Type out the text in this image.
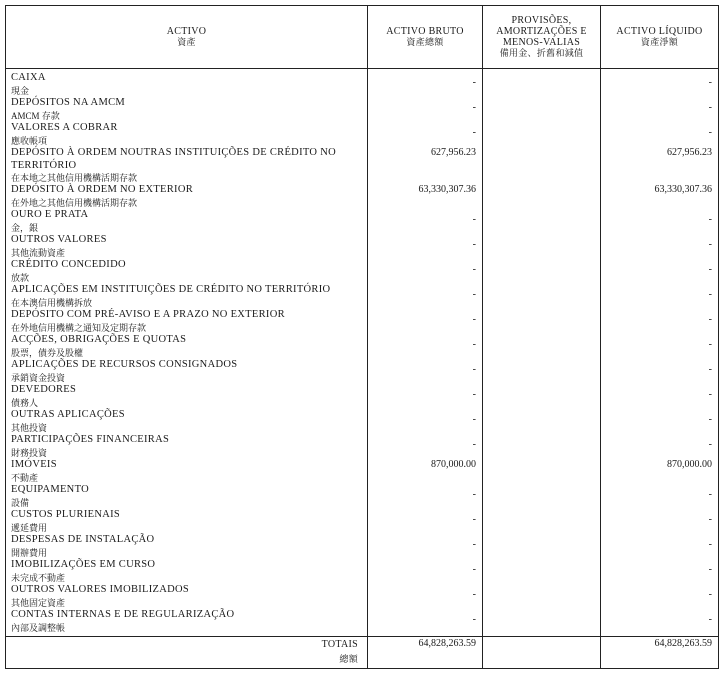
ACTIVO
資產
ACTIVO BRUTO
資產總額
PROVISÕES,
AMORTIZAÇÕES E
MENOS-VALIAS
備用金、折舊和減值
ACTIVO LÍQUIDO
資產淨額
CAIXA
現金
-	-
DEPÓSITOS NA AMCM
AMCM 存款
-	-
VALORES A COBRAR
應收帳項
-	-
DEPÓSITO À ORDEM NOUTRAS INSTITUIÇÕES DE CRÉDITO NO TERRITÓRIO
在本地之其他信用機構活期存款
627,956.23	627,956.23
DEPÓSITO À ORDEM NO EXTERIOR
在外地之其他信用機構活期存款
63,330,307.36	63,330,307.36
OURO E PRATA
金，銀
-	-
OUTROS VALORES
其他流動資產
-	-
CRÉDITO CONCEDIDO
放款
-	-
APLICAÇÕES EM INSTITUIÇÕES DE CRÉDITO NO TERRITÓRIO
在本澳信用機構拆放
-	-
DEPÓSITO COM PRÉ-AVISO E A PRAZO NO EXTERIOR
在外地信用機構之通知及定期存款
-	-
ACÇÕES, OBRIGAÇÕES E QUOTAS
股票，債券及股權
-	-
APLICAÇÕES DE RECURSOS CONSIGNADOS
承銷資金投資
-	-
DEVEDORES
債務人
-	-
OUTRAS APLICAÇÕES
其他投資
-	-
PARTICIPAÇÕES FINANCEIRAS
財務投資
-	-
IMÓVEIS
不動產
870,000.00	870,000.00
EQUIPAMENTO
設備
-	-
CUSTOS PLURIENAIS
遞延費用
-	-
DESPESAS DE INSTALAÇÃO
開辦費用
-	-
IMOBILIZAÇÕES EM CURSO
未完成不動產
-	-
OUTROS VALORES IMOBILIZADOS
其他固定資產
-	-
CONTAS INTERNAS E DE REGULARIZAÇÃO
內部及調整帳
-	-
TOTAIS
總額
64,828,263.59	64,828,263.59
